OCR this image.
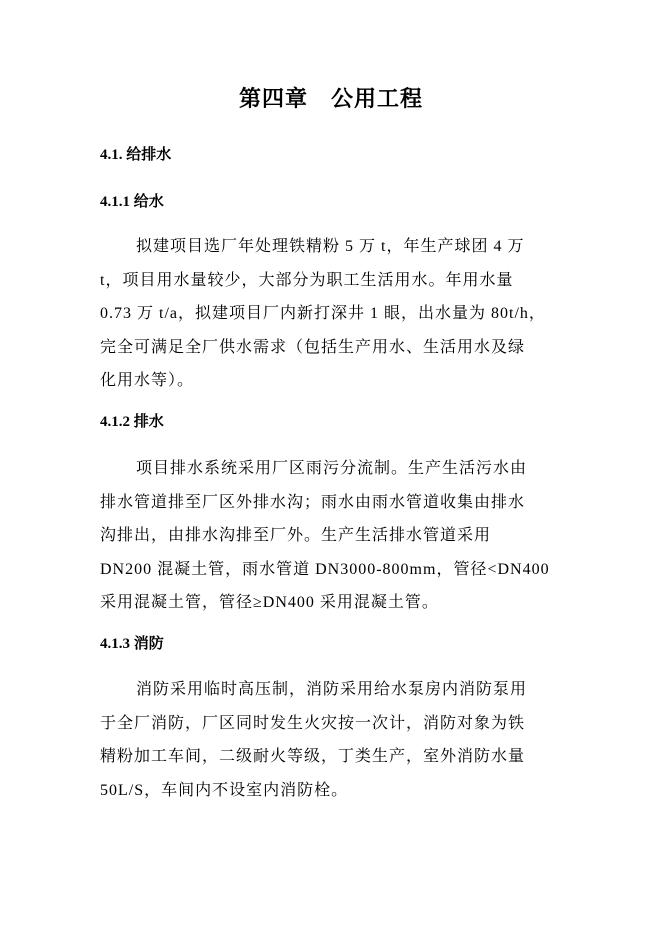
第四章　公用工程
4.1. 给排水
4.1.1 给水
拟建项目选厂年处理铁精粉 5 万 t，年生产球团 4 万
t，项目用水量较少，大部分为职工生活用水。年用水量
0.73 万 t/a，拟建项目厂内新打深井 1 眼，出水量为 80t/h，
完全可满足全厂供水需求（包括生产用水、生活用水及绿
化用水等）。
4.1.2 排水
项目排水系统采用厂区雨污分流制。生产生活污水由
排水管道排至厂区外排水沟；雨水由雨水管道收集由排水
沟排出，由排水沟排至厂外。生产生活排水管道采用
DN200 混凝土管，雨水管道 DN3000-800mm，管径<DN400
采用混凝土管，管径≥DN400 采用混凝土管。
4.1.3 消防
消防采用临时高压制，消防采用给水泵房内消防泵用
于全厂消防，厂区同时发生火灾按一次计，消防对象为铁
精粉加工车间，二级耐火等级，丁类生产，室外消防水量
50L/S，车间内不设室内消防栓。
